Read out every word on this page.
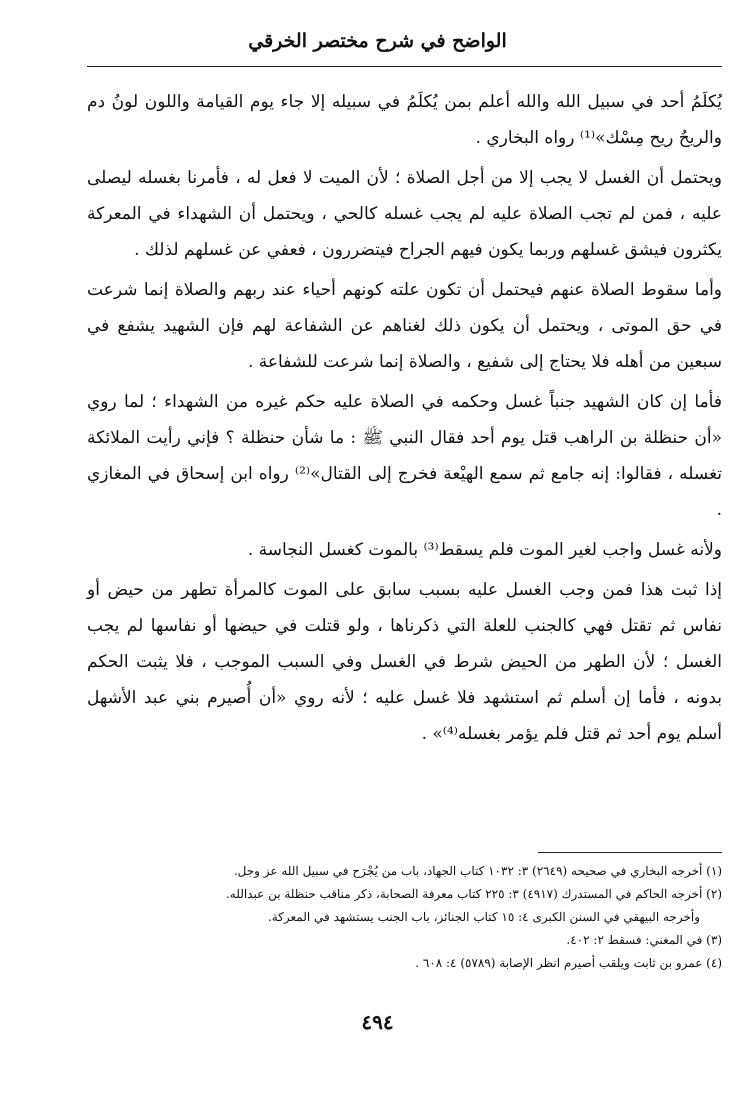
الواضح في شرح مختصر الخرقي

يُكلَمُ أحد في سبيل الله والله أعلم بمن يُكلَمُ في سبيله إلا جاء يوم القيامة واللون لونُ دم والريحُ ريح مِسْك»⁽¹⁾ رواه البخاري .

ويحتمل أن الغسل لا يجب إلا من أجل الصلاة ؛ لأن الميت لا فعل له ، فأمرنا بغسله ليصلى عليه ، فمن لم تجب الصلاة عليه لم يجب غسله كالحي ، ويحتمل أن الشهداء في المعركة يكثرون فيشق غسلهم وربما يكون فيهم الجراح فيتضررون ، فعفي عن غسلهم لذلك .

وأما سقوط الصلاة عنهم فيحتمل أن تكون علته كونهم أحياء عند ربهم والصلاة إنما شرعت في حق الموتى ، ويحتمل أن يكون ذلك لغناهم عن الشفاعة لهم فإن الشهيد يشفع في سبعين من أهله فلا يحتاج إلى شفيع ، والصلاة إنما شرعت للشفاعة .

فأما إن كان الشهيد جنباً غسل وحكمه في الصلاة عليه حكم غيره من الشهداء ؛ لما روي «أن حنظلة بن الراهب قتل يوم أحد فقال النبي ﷺ : ما شأن حنظلة ؟ فإني رأيت الملائكة تغسله ، فقالوا: إنه جامع ثم سمع الهيْعة فخرج إلى القتال»⁽²⁾ رواه ابن إسحاق في المغازي .

ولأنه غسل واجب لغير الموت فلم يسقط⁽³⁾ بالموت كغسل النجاسة .

إذا ثبت هذا فمن وجب الغسل عليه بسبب سابق على الموت كالمرأة تطهر من حيض أو نفاس ثم تقتل فهي كالجنب للعلة التي ذكرناها ، ولو قتلت في حيضها أو نفاسها لم يجب الغسل ؛ لأن الطهر من الحيض شرط في الغسل وفي السبب الموجب ، فلا يثبت الحكم بدونه ، فأما إن أسلم ثم استشهد فلا غسل عليه ؛ لأنه روي «أن أُصيرم بني عبد الأشهل أسلم يوم أحد ثم قتل فلم يؤمر بغسله⁽⁴⁾» .

(١) أخرجه البخاري في صحيحه (٢٦٤٩) ٣: ١٠٣٢ كتاب الجهاد، باب من يُجْرَح في سبيل الله عز وجل.
(٢) أخرجه الحاكم في المستدرك (٤٩١٧) ٣: ٢٢٥ كتاب معرفة الصحابة، ذكر مناقب حنظلة بن عبدالله.
وأخرجه البيهقي في السنن الكبرى ٤: ١٥ كتاب الجنائز، باب الجنب يستشهد في المعركة.
(٣) في المغني: فسقط ٢: ٤٠٢.
(٤) عمرو بن ثابت ويلقب أصيرم انظر الإصابة (٥٧٨٩) ٤: ٦٠٨ .
٤٩٤
